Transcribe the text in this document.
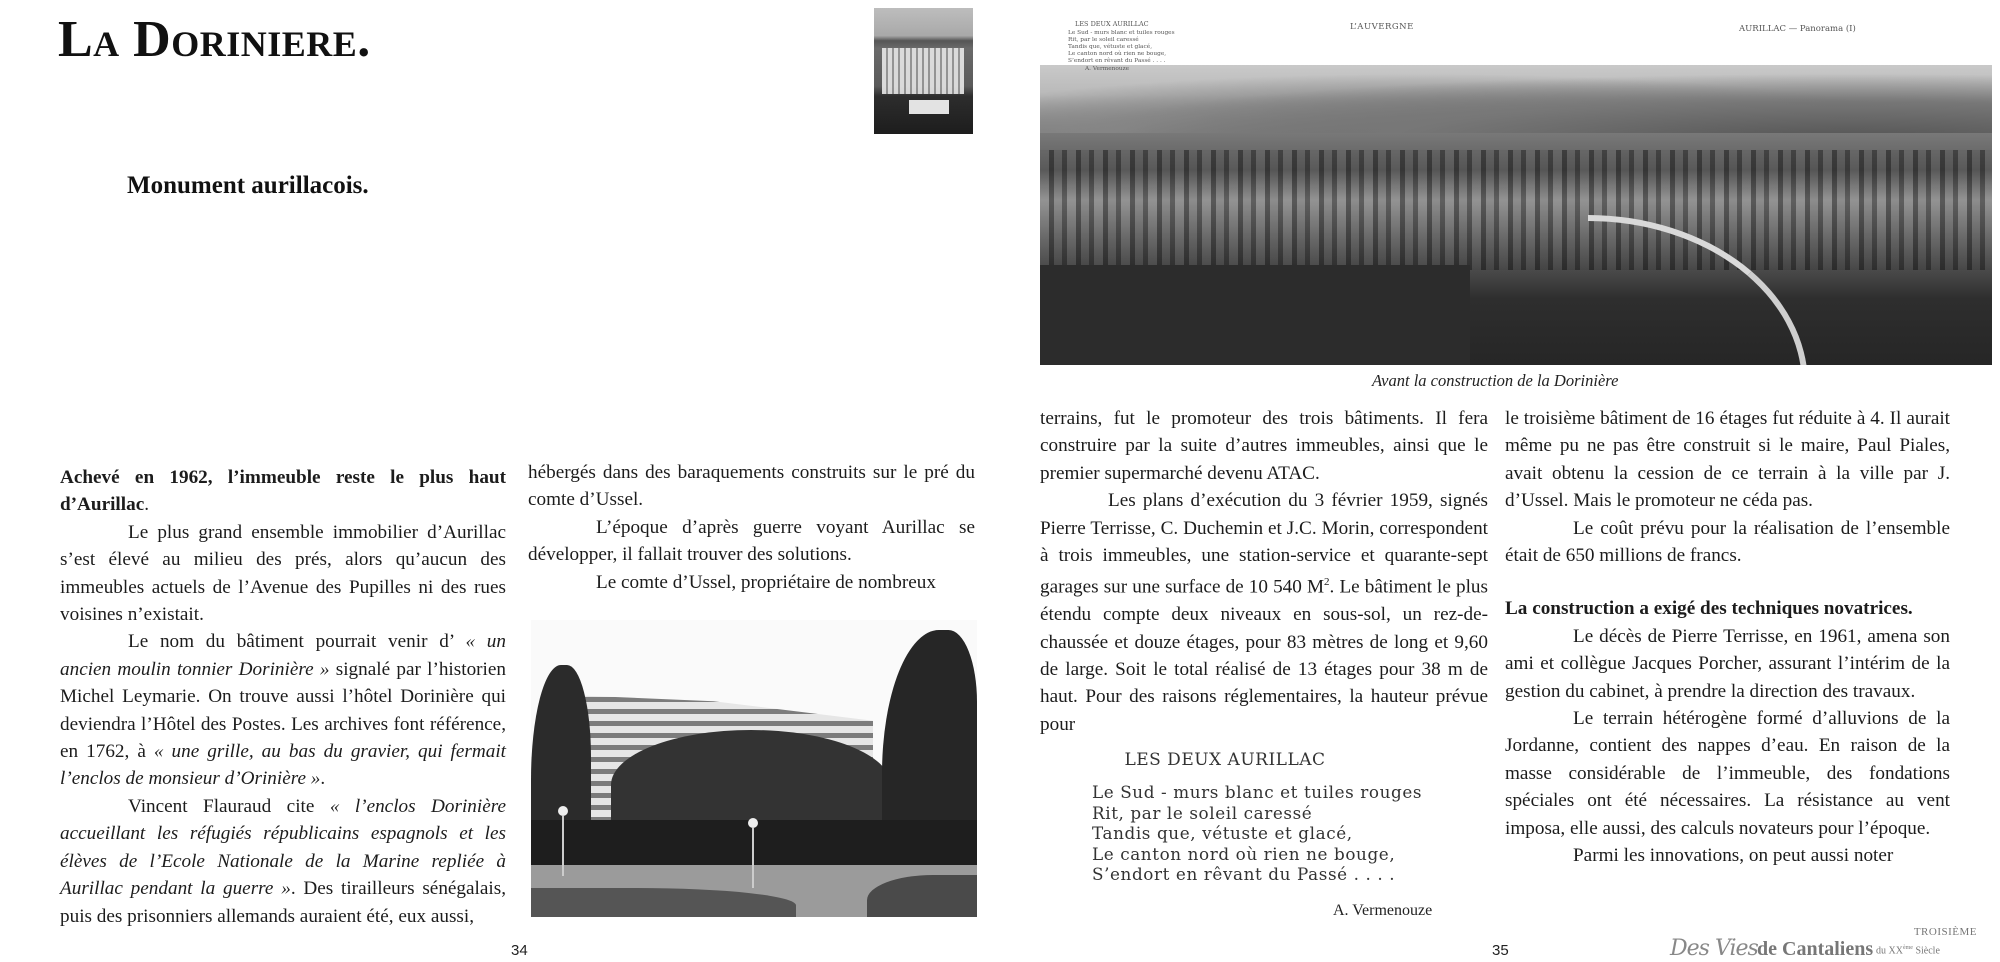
La Doriniere.
Monument aurillacois.

Achevé en 1962, l’immeuble reste le plus haut d’Aurillac.

Le plus grand ensemble immobilier d’Aurillac s’est élevé au milieu des prés, alors qu’aucun des immeubles actuels de l’Avenue des Pupilles ni des rues voisines n’existait.

Le nom du bâtiment pourrait venir d’ « un ancien moulin tonnier Dorinière » signalé par l’historien Michel Leymarie. On trouve aussi l’hôtel Dorinière qui deviendra l’Hôtel des Postes. Les archives font référence, en 1762, à « une grille, au bas du gravier, qui fermait l’enclos de monsieur d’Orinière ».

Vincent Flauraud cite « l’enclos Dorinière accueillant les réfugiés républicains espagnols et les élèves de l’Ecole Nationale de la Marine repliée à Aurillac pendant la guerre ». Des tirailleurs sénégalais, puis des prisonniers allemands auraient été, eux aussi,

hébergés dans des baraquements construits sur le pré du comte d’Ussel.

L’époque d’après guerre voyant Aurillac se développer, il fallait trouver des solutions.

Le comte d’Ussel, propriétaire de nombreux

34
LES DEUX AURILLAC
Le Sud - murs blanc et tuiles rouges
Rit, par le soleil caressé
Tandis que, vétuste et glacé,
Le canton nord où rien ne bouge,
S’endort en rêvant du Passé . . . .
A. Vermenouze
L’AUVERGNE	AURILLAC — Panorama (I)
Avant la construction de la Dorinière

terrains, fut le promoteur des trois bâtiments. Il fera construire par la suite d’autres immeubles, ainsi que le premier supermarché devenu ATAC.

Les plans d’exécution du 3 février 1959, signés Pierre Terrisse, C. Duchemin et J.C. Morin, correspondent à trois immeubles, une station-service et quarante-sept garages sur une surface de 10 540 $M^2$. Le bâtiment le plus étendu compte deux niveaux en sous-sol, un rez-de-chaussée et douze étages, pour 83 mètres de long et 9,60 de large. Soit le total réalisé de 13 étages pour 38 m de haut. Pour des raisons réglementaires, la hauteur prévue pour

LES DEUX AURILLAC
Le Sud - murs blanc et tuiles rouges
Rit, par le soleil caressé
Tandis que, vétuste et glacé,
Le canton nord où rien ne bouge,
S’endort en rêvant du Passé . . . .
A. Vermenouze

le troisième bâtiment de 16 étages fut réduite à 4. Il aurait même pu ne pas être construit si le maire, Paul Piales, avait obtenu la cession de ce terrain à la ville par J. d’Ussel. Mais le promoteur ne céda pas.

Le coût prévu pour la réalisation de l’ensemble était de 650 millions de francs.

La construction a exigé des techniques novatrices.

Le décès de Pierre Terrisse, en 1961, amena son ami et collègue Jacques Porcher, assurant l’intérim de la gestion du cabinet, à prendre la direction des travaux.

Le terrain hétérogène formé d’alluvions de la Jordanne, contient des nappes d’eau. En raison de la masse considérable de l’immeuble, des fondations spéciales ont été nécessaires. La résistance au vent imposa, elle aussi, des calculs novateurs pour l’époque.

Parmi les innovations, on peut aussi noter

35
TROISIÈME
Des Vies de Cantaliens du XXème Siècle
